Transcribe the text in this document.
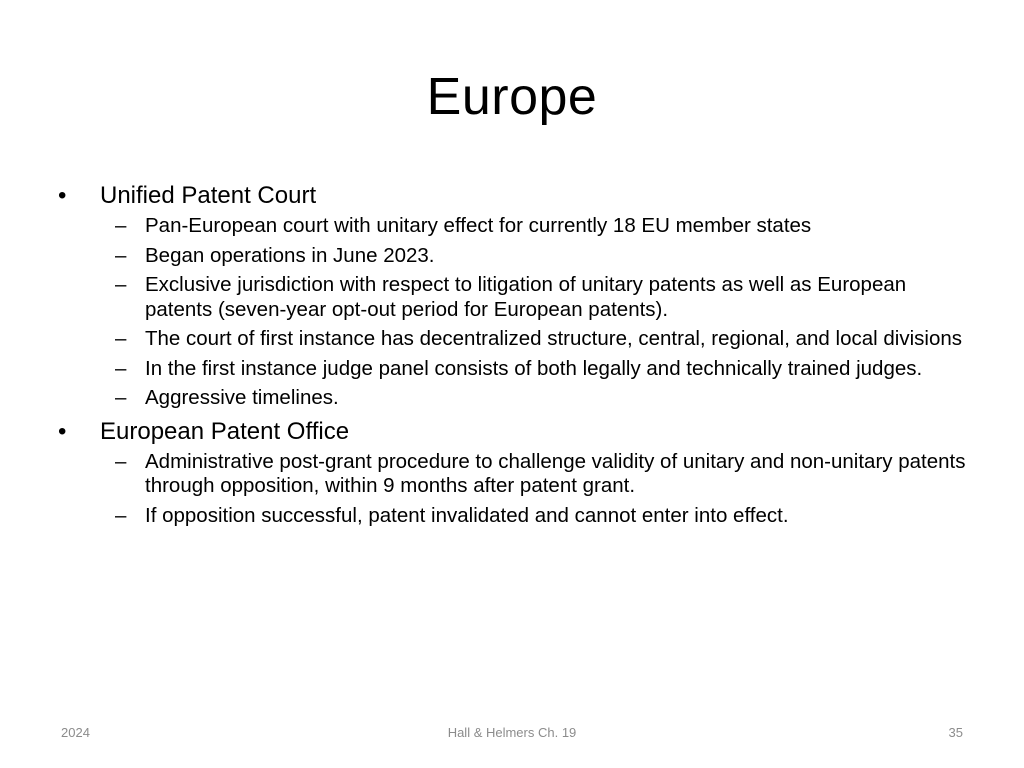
Europe
• Unified Patent Court
– Pan-European court with unitary effect for currently 18 EU member states
– Began operations in June 2023.
– Exclusive jurisdiction with respect to litigation of unitary patents as well as European patents (seven-year opt-out period for European patents).
– The court of first instance has decentralized structure, central, regional, and local divisions
– In the first instance judge panel consists of both legally and technically trained judges.
– Aggressive timelines.
• European Patent Office
– Administrative post-grant procedure to challenge validity of unitary and non-unitary patents through opposition, within 9 months after patent grant.
– If opposition successful, patent invalidated and cannot enter into effect.
2024	Hall & Helmers Ch. 19	35
